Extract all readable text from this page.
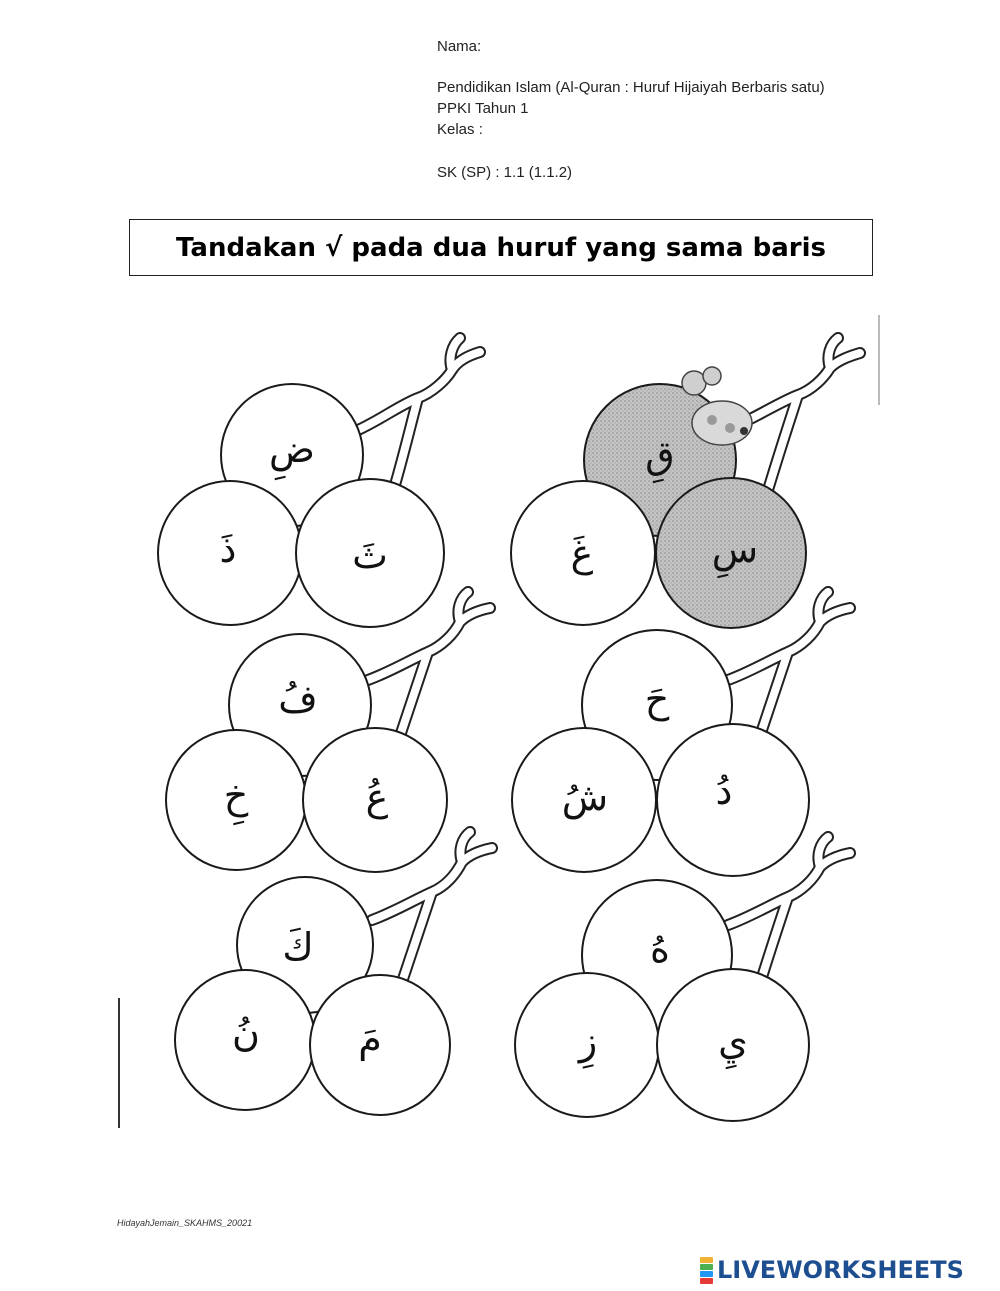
Nama:
Pendidikan Islam (Al-Quran : Huruf Hijaiyah Berbaris satu)
PPKI Tahun 1
Kelas :
SK (SP) : 1.1 (1.1.2)
Tandakan √ pada dua huruf yang sama baris
ضِ
ذَ	ثَ
قِ
غَ	سِ
فُ
خِ	عُ
حَ
شُ	دُ
كَ
نُ	مَ
هُ
زِ	يِ
HidayahJemain_SKAHMS_20021
LIVEWORKSHEETS
